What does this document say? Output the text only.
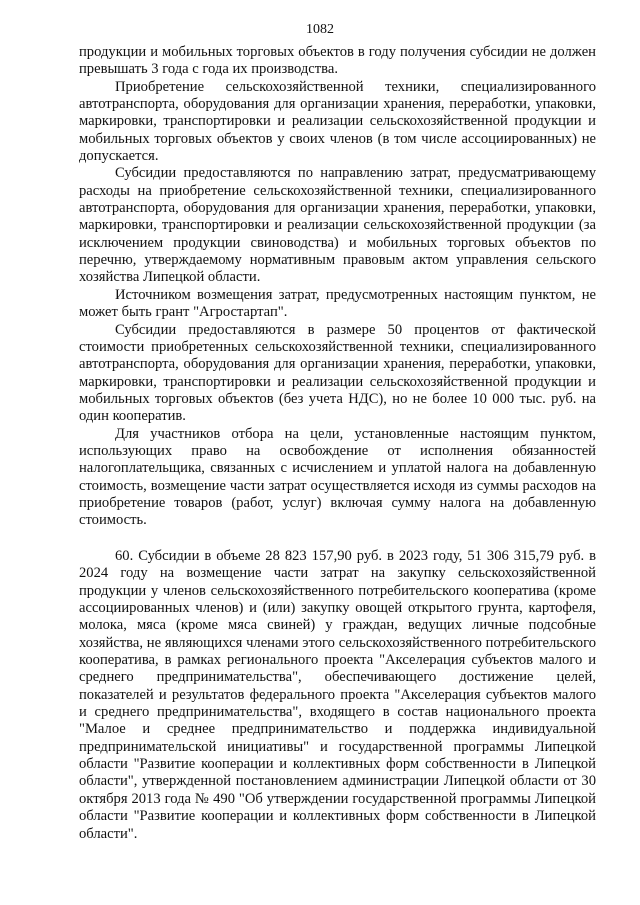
1082

продукции и мобильных торговых объектов в году получения субсидии не должен превышать 3 года с года их производства.

Приобретение сельскохозяйственной техники, специализированного автотранспорта, оборудования для организации хранения, переработки, упаковки, маркировки, транспортировки и реализации сельскохозяйственной продукции и мобильных торговых объектов у своих членов (в том числе ассоциированных) не допускается.

Субсидии предоставляются по направлению затрат, предусматривающему расходы на приобретение сельскохозяйственной техники, специализированного автотранспорта, оборудования для организации хранения, переработки, упаковки, маркировки, транспортировки и реализации сельскохозяйственной продукции (за исключением продукции свиноводства) и мобильных торговых объектов по перечню, утверждаемому нормативным правовым актом управления сельского хозяйства Липецкой области.

Источником возмещения затрат, предусмотренных настоящим пунктом, не может быть грант "Агростартап".

Субсидии предоставляются в размере 50 процентов от фактической стоимости приобретенных сельскохозяйственной техники, специализированного автотранспорта, оборудования для организации хранения, переработки, упаковки, маркировки, транспортировки и реализации сельскохозяйственной продукции и мобильных торговых объектов (без учета НДС), но не более 10 000 тыс. руб. на один кооператив.

Для участников отбора на цели, установленные настоящим пунктом, использующих право на освобождение от исполнения обязанностей налогоплательщика, связанных с исчислением и уплатой налога на добавленную стоимость, возмещение части затрат осуществляется исходя из суммы расходов на приобретение товаров (работ, услуг) включая сумму налога на добавленную стоимость.

60. Субсидии в объеме 28 823 157,90 руб. в 2023 году, 51 306 315,79 руб. в 2024 году на возмещение части затрат на закупку сельскохозяйственной продукции у членов сельскохозяйственного потребительского кооператива (кроме ассоциированных членов) и (или) закупку овощей открытого грунта, картофеля, молока, мяса (кроме мяса свиней) у граждан, ведущих личные подсобные хозяйства, не являющихся членами этого сельскохозяйственного потребительского кооператива, в рамках регионального проекта "Акселерация субъектов малого и среднего предпринимательства", обеспечивающего достижение целей, показателей и результатов федерального проекта "Акселерация субъектов малого и среднего предпринимательства", входящего в состав национального проекта "Малое и среднее предпринимательство и поддержка индивидуальной предпринимательской инициативы" и государственной программы Липецкой области "Развитие кооперации и коллективных форм собственности в Липецкой области", утвержденной постановлением администрации Липецкой области от 30 октября 2013 года № 490 "Об утверждении государственной программы Липецкой области "Развитие кооперации и коллективных форм собственности в Липецкой области".
